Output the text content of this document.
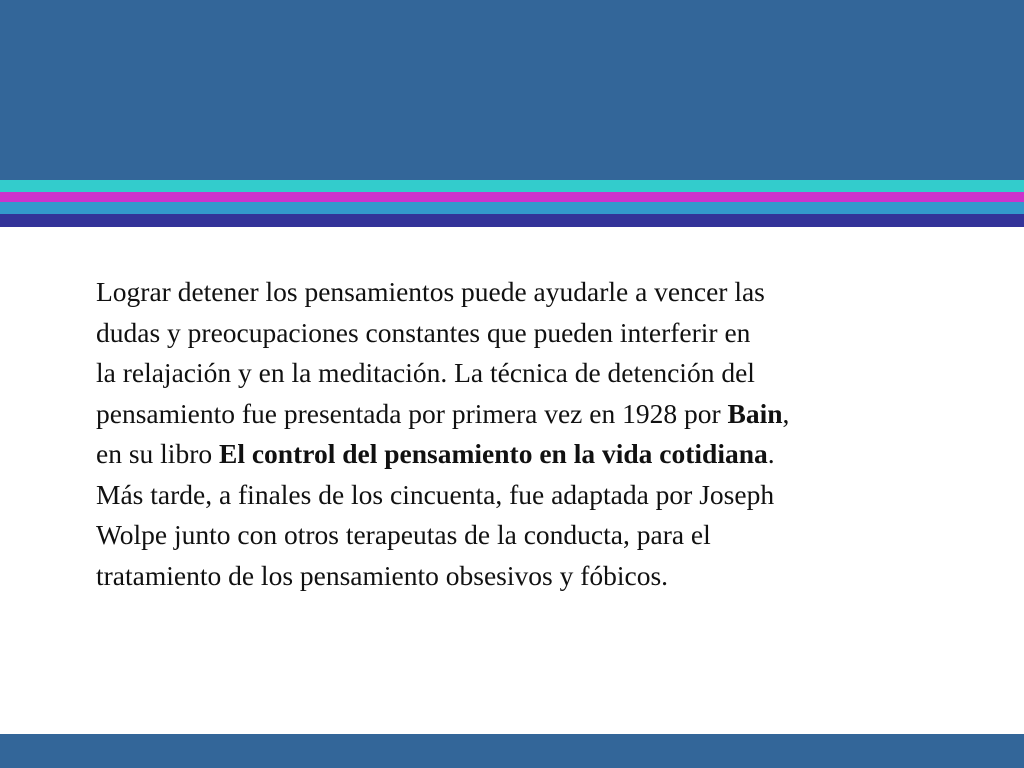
Lograr detener los pensamientos puede ayudarle a vencer las
dudas y preocupaciones constantes que pueden interferir en
la relajación y en la meditación. La técnica de detención del
pensamiento fue presentada por primera vez en 1928 por Bain,
en su libro El control del pensamiento en la vida cotidiana.
Más tarde, a finales de los cincuenta, fue adaptada por Joseph
Wolpe junto con otros terapeutas de la conducta, para el
tratamiento de los pensamiento obsesivos y fóbicos.
